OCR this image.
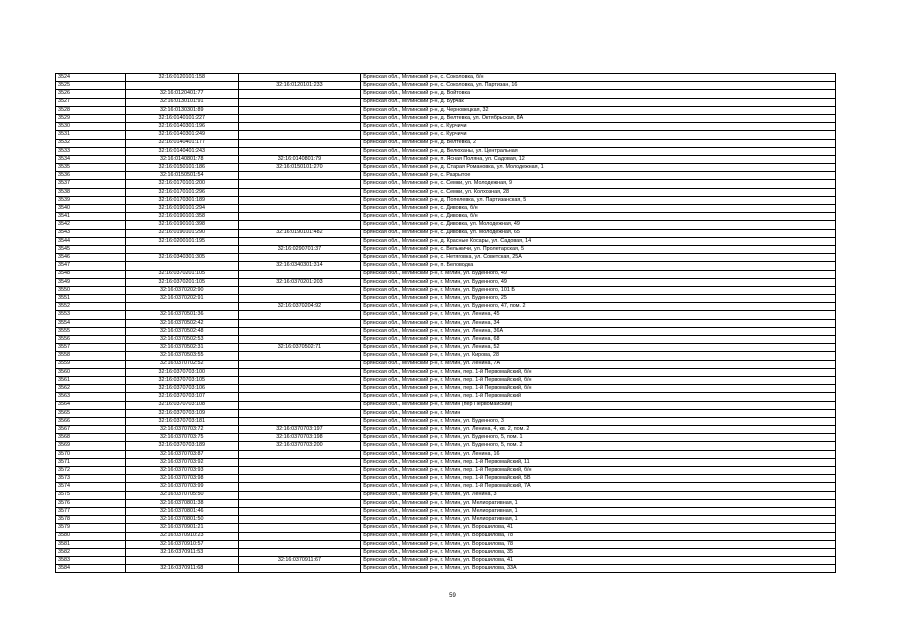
3524	32:16:0120101:158		Брянская обл., Мглинский р-н, с. Соколовка, б/н
3525		32:16:0120101:233	Брянская обл., Мглинский р-н, с. Соколовка, ул. Партизан, 16
3526	32:16:0120401:77		Брянская обл., Мглинский р-н, д. Войтовка
3527	32:16:0130101:91		Брянская обл., Мглинский р-н, д. Бурчак
3528	32:16:0130301:89		Брянская обл., Мглинский р-н, д. Черновецкая, 32
3529	32:16:0140101:227		Брянская обл., Мглинский р-н, д. Велтевка, ул. Октябрьская, 8А
3530	32:16:0140301:196		Брянская обл., Мглинский р-н, с. Курчичи
3531	32:16:0140301:249		Брянская обл., Мглинский р-н, с. Курчичи
3532	32:16:0140401:177		Брянская обл., Мглинский р-н, д. Велтевка, 2
3533	32:16:0140401:243		Брянская обл., Мглинский р-н, д. Велюханы, ул. Центральная
3534	32:16:0140801:78	32:16:0140801:79	Брянская обл., Мглинский р-н, п. Ясная Поляна, ул. Садовая, 12
3535	32:16:0150101:186	32:16:0150101:270	Брянская обл., Мглинский р-н, д. Старая Романовка, ул. Молодежная, 1
3536	32:16:0150501:54		Брянская обл., Мглинский р-н, с. Разрытое
3537	32:16:0170101:200		Брянская обл., Мглинский р-н, с. Семки, ул. Молодежная, 9
3538	32:16:0170101:296		Брянская обл., Мглинский р-н, с. Семки, ул. Колхозная, 28
3539	32:16:0170301:189		Брянская обл., Мглинский р-н, д. Попелевка, ул. Партизанская, 5
3540	32:16:0190101:294		Брянская обл., Мглинский р-н, с. Дивовка, б/н
3541	32:16:0190101:358		Брянская обл., Мглинский р-н, с. Дивовка, б/н
3542	32:16:0190101:398		Брянская обл., Мглинский р-н, с. Дивовка, ул. Молодежная, 49
3543	32:16:0190101:290	32:16:0190101:482	Брянская обл., Мглинский р-н, с. Дивовка, ул. Молодежная, 65
3544	32:16:0200101:195		Брянская обл., Мглинский р-н, д. Красные Косары, ул. Садовая, 14
3545		32:16:0290701:37	Брянская обл., Мглинский р-н, с. Вельжичи, ул. Пролетарская, 5
3546	32:16:0340301:305		Брянская обл., Мглинский р-н, с. Нетяговка, ул. Советская, 25А
3547		32:16:0340301:314	Брянская обл., Мглинский р-н, п. Беловодка
3548	32:16:0370201:105		Брянская обл., Мглинский р-н, г. Мглин, ул. Буденного, 49
3549	32:16:0370201:105	32:16:0370201:203	Брянская обл., Мглинский р-н, г. Мглин, ул. Буденного, 49
3550	32:16:0370202:90		Брянская обл., Мглинский р-н, г. Мглин, ул. Буденного, 101 Б
3551	32:16:0370202:91		Брянская обл., Мглинский р-н, г. Мглин, ул. Буденного, 25
3552		32:16:0370204:92	Брянская обл., Мглинский р-н, г. Мглин, ул. Буденного, 47, пом. 2
3553	32:16:0370501:36		Брянская обл., Мглинский р-н, г. Мглин, ул. Ленина, 45
3554	32:16:0370502:42		Брянская обл., Мглинский р-н, г. Мглин, ул. Ленина, 34
3555	32:16:0370502:48		Брянская обл., Мглинский р-н, г. Мглин, ул. Ленина, 36А
3556	32:16:0370502:53		Брянская обл., Мглинский р-н, г. Мглин, ул. Ленина, 68
3557	32:16:0370502:31	32:16:0370502:71	Брянская обл., Мглинский р-н, г. Мглин, ул. Ленина, 52
3558	32:16:0370503:55		Брянская обл., Мглинский р-н, г. Мглин, ул. Кирова, 28
3559	32:16:0370702:52		Брянская обл., Мглинский р-н, г. Мглин, ул. Ленина, 7А
3560	32:16:0370703:100		Брянская обл., Мглинский р-н, г. Мглин, пер. 1-й Первомайский, б/н
3561	32:16:0370703:105		Брянская обл., Мглинский р-н, г. Мглин, пер. 1-й Первомайский, б/н
3562	32:16:0370703:106		Брянская обл., Мглинский р-н, г. Мглин, пер. 1-й Первомайский, б/н
3563	32:16:0370703:107		Брянская обл., Мглинский р-н, г. Мглин, пер. 1-й Первомайский
3564	32:16:0370703:108		Брянская обл., Мглинский р-н, г. Мглин (пер Первомайский)
3565	32:16:0370703:109		Брянская обл., Мглинский р-н, г. Мглин
3566	32:16:0370703:181		Брянская обл., Мглинский р-н, г. Мглин, ул. Буденного, 3
3567	32:16:0370703:72	32:16:0370703:197	Брянская обл., Мглинский р-н, г. Мглин, ул. Ленина, 4, кв. 2, пом. 2
3568	32:16:0370703:75	32:16:0370703:198	Брянская обл., Мглинский р-н, г. Мглин, ул. Буденного, 5, пом. 1
3569	32:16:0370703:189	32:16:0370703:200	Брянская обл., Мглинский р-н, г. Мглин, ул. Буденного, 5, пом. 2
3570	32:16:0370703:87		Брянская обл., Мглинский р-н, г. Мглин, ул. Ленина, 16
3571	32:16:0370703:92		Брянская обл., Мглинский р-н, г. Мглин, пер. 1-й Первомайский, 11
3572	32:16:0370703:93		Брянская обл., Мглинский р-н, г. Мглин, пер. 1-й Первомайский, б/н
3573	32:16:0370703:98		Брянская обл., Мглинский р-н, г. Мглин, пер. 1-й Первомайский, 5В
3574	32:16:0370703:99		Брянская обл., Мглинский р-н, г. Мглин, пер. 1-й Первомайский, 7А
3575	32:16:0370705:50		Брянская обл., Мглинский р-н, г. Мглин, ул. Ленина, 3
3576	32:16:0370801:38		Брянская обл., Мглинский р-н, г. Мглин, ул. Мелиоративная, 1
3577	32:16:0370801:46		Брянская обл., Мглинский р-н, г. Мглин, ул. Мелиоративная, 1
3578	32:16:0370801:50		Брянская обл., Мглинский р-н, г. Мглин, ул. Мелиоративная, 1
3579	32:16:0370901:21		Брянская обл., Мглинский р-н, г. Мглин, ул. Ворошилова, 41
3580	32:16:0370910:23		Брянская обл., Мглинский р-н, г. Мглин, ул. Ворошилова, 78
3581	32:16:0370910:57		Брянская обл., Мглинский р-н, г. Мглин, ул. Ворошилова, 78
3582	32:16:0370911:53		Брянская обл., Мглинский р-н, г. Мглин, ул. Ворошилова, 35
3583		32:16:0370911:67	Брянская обл., Мглинский р-н, г. Мглин, ул. Ворошилова, 41
3584	32:16:0370911:68		Брянская обл., Мглинский р-н, г. Мглин, ул. Ворошилова, 33А
59
